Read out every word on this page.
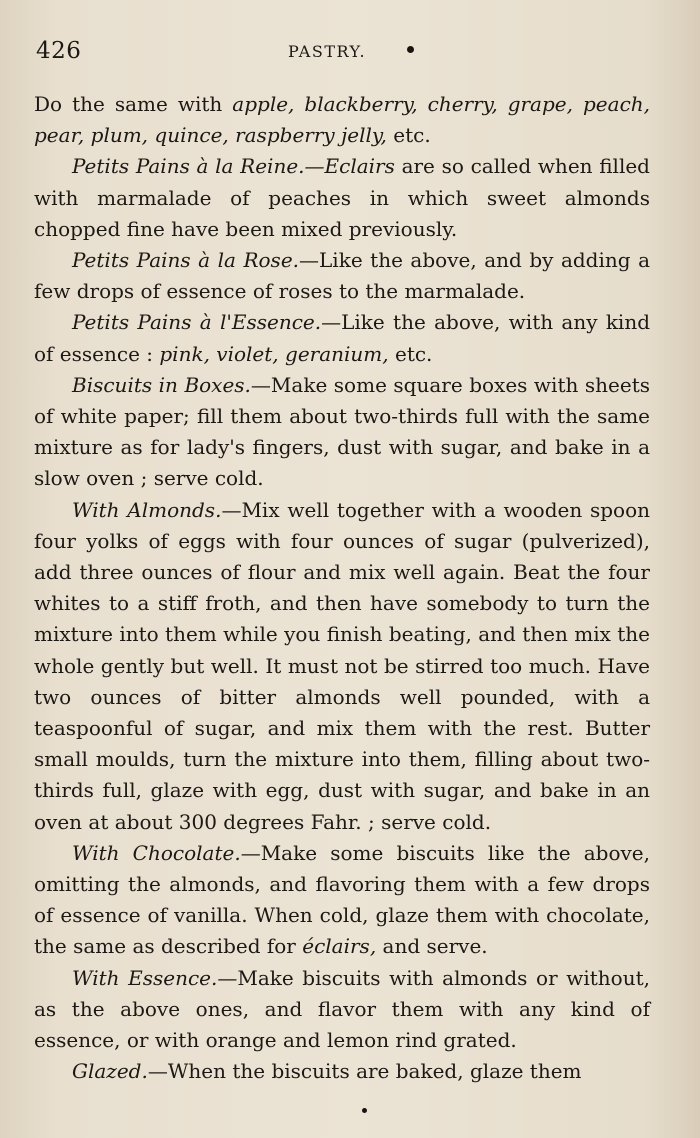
426	PASTRY.

Do the same with apple, blackberry, cherry, grape, peach, pear, plum, quince, raspberry jelly, etc.

Petits Pains à la Reine.—Eclairs are so called when filled with marmalade of peaches in which sweet almonds chopped fine have been mixed previously.

Petits Pains à la Rose.—Like the above, and by adding a few drops of essence of roses to the marmalade.

Petits Pains à l'Essence.—Like the above, with any kind of essence : pink, violet, geranium, etc.

Biscuits in Boxes.—Make some square boxes with sheets of white paper; fill them about two-thirds full with the same mixture as for lady's fingers, dust with sugar, and bake in a slow oven ; serve cold.

With Almonds.—Mix well together with a wooden spoon four yolks of eggs with four ounces of sugar (pulverized), add three ounces of flour and mix well again. Beat the four whites to a stiff froth, and then have somebody to turn the mixture into them while you finish beating, and then mix the whole gently but well. It must not be stirred too much. Have two ounces of bitter almonds well pounded, with a teaspoonful of sugar, and mix them with the rest. Butter small moulds, turn the mixture into them, filling about two-thirds full, glaze with egg, dust with sugar, and bake in an oven at about 300 degrees Fahr. ; serve cold.

With Chocolate.—Make some biscuits like the above, omitting the almonds, and flavoring them with a few drops of essence of vanilla. When cold, glaze them with chocolate, the same as described for éclairs, and serve.

With Essence.—Make biscuits with almonds or without, as the above ones, and flavor them with any kind of essence, or with orange and lemon rind grated.

Glazed.—When the biscuits are baked, glaze them
